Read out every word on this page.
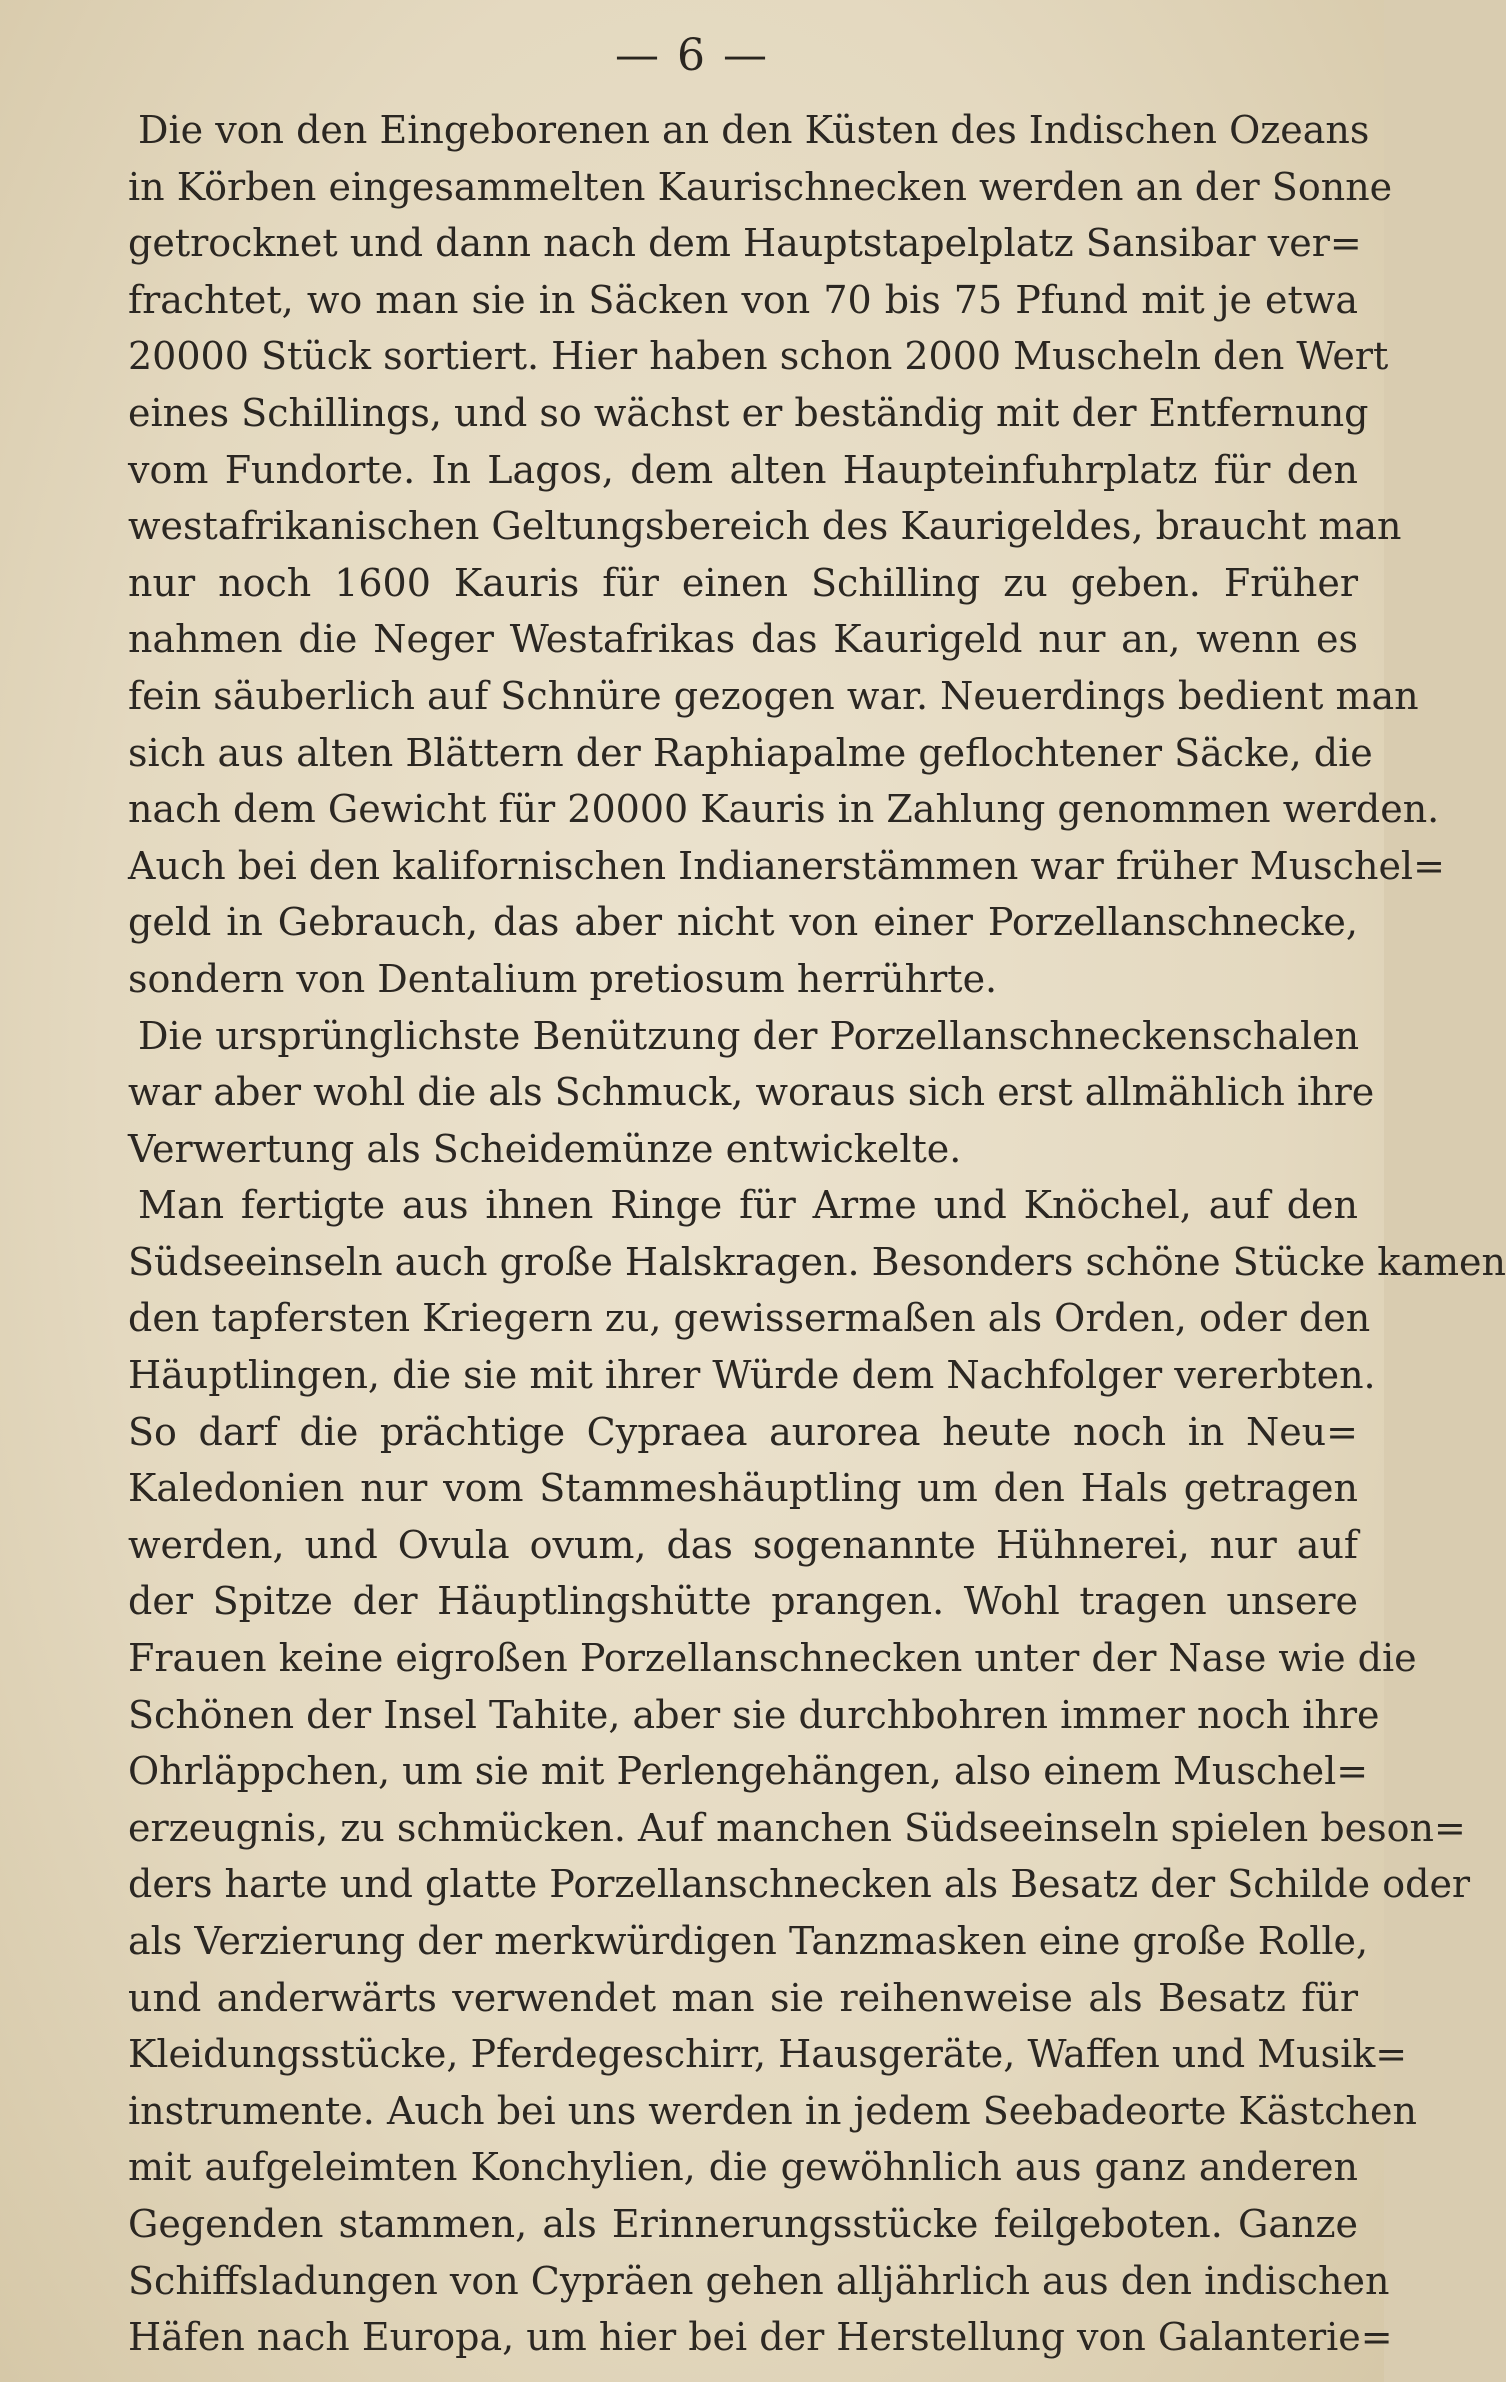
— 6 —
Die von den Eingeborenen an den Küsten des Indischen Ozeans
in Körben eingesammelten Kaurischnecken werden an der Sonne
getrocknet und dann nach dem Hauptstapelplatz Sansibar ver=
frachtet, wo man sie in Säcken von 70 bis 75 Pfund mit je etwa
20000 Stück sortiert. Hier haben schon 2000 Muscheln den Wert
eines Schillings, und so wächst er beständig mit der Entfernung
vom Fundorte. In Lagos, dem alten Haupteinfuhrplatz für den
westafrikanischen Geltungsbereich des Kaurigeldes, braucht man
nur noch 1600 Kauris für einen Schilling zu geben. Früher
nahmen die Neger Westafrikas das Kaurigeld nur an, wenn es
fein säuberlich auf Schnüre gezogen war. Neuerdings bedient man
sich aus alten Blättern der Raphiapalme geflochtener Säcke, die
nach dem Gewicht für 20000 Kauris in Zahlung genommen werden.
Auch bei den kalifornischen Indianerstämmen war früher Muschel=
geld in Gebrauch, das aber nicht von einer Porzellanschnecke,
sondern von Dentalium pretiosum herrührte.
Die ursprünglichste Benützung der Porzellanschneckenschalen
war aber wohl die als Schmuck, woraus sich erst allmählich ihre
Verwertung als Scheidemünze entwickelte.
Man fertigte aus ihnen Ringe für Arme und Knöchel, auf den
Südseeinseln auch große Halskragen. Besonders schöne Stücke kamen
den tapfersten Kriegern zu, gewissermaßen als Orden, oder den
Häuptlingen, die sie mit ihrer Würde dem Nachfolger vererbten.
So darf die prächtige Cypraea aurorea heute noch in Neu=
Kaledonien nur vom Stammeshäuptling um den Hals getragen
werden, und Ovula ovum, das sogenannte Hühnerei, nur auf
der Spitze der Häuptlingshütte prangen. Wohl tragen unsere
Frauen keine eigroßen Porzellanschnecken unter der Nase wie die
Schönen der Insel Tahite, aber sie durchbohren immer noch ihre
Ohrläppchen, um sie mit Perlengehängen, also einem Muschel=
erzeugnis, zu schmücken. Auf manchen Südseeinseln spielen beson=
ders harte und glatte Porzellanschnecken als Besatz der Schilde oder
als Verzierung der merkwürdigen Tanzmasken eine große Rolle,
und anderwärts verwendet man sie reihenweise als Besatz für
Kleidungsstücke, Pferdegeschirr, Hausgeräte, Waffen und Musik=
instrumente. Auch bei uns werden in jedem Seebadeorte Kästchen
mit aufgeleimten Konchylien, die gewöhnlich aus ganz anderen
Gegenden stammen, als Erinnerungsstücke feilgeboten. Ganze
Schiffsladungen von Cypräen gehen alljährlich aus den indischen
Häfen nach Europa, um hier bei der Herstellung von Galanterie=
